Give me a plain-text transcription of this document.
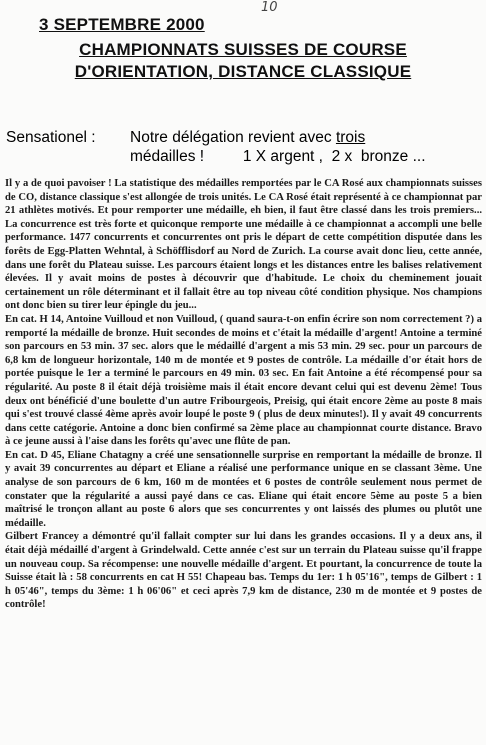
10
3 SEPTEMBRE 2000
CHAMPIONNATS SUISSES DE COURSE
D'ORIENTATION, DISTANCE CLASSIQUE
Sensationel :	Notre délégation revient avec trois
médailles !         1 X argent ,  2 x  bronze ...

Il y a de quoi pavoiser ! La statistique des médailles remportées par le CA Rosé aux championnats suisses de CO, distance classique s'est allongée de trois unités. Le CA Rosé était représenté à ce championnat par 21 athlètes motivés. Et pour remporter une médaille, eh bien, il faut être classé dans les trois premiers... La concurrence est très forte et quiconque remporte une médaille à ce championnat a accompli une belle performance. 1477 concurrents et concurrentes ont pris le départ de cette compétition disputée dans les forêts de Egg-Platten Wehntal, à Schöfflisdorf au Nord de Zurich. La course avait donc lieu, cette année, dans une forêt du Plateau suisse. Les parcours étaient longs et les distances entre les balises relativement élevées. Il y avait moins de postes à découvrir que d'habitude. Le choix du cheminement jouait certainement un rôle déterminant et il fallait être au top niveau côté condition physique. Nos champions ont donc bien su tirer leur épingle du jeu...

En cat. H 14, Antoine Vuilloud et non Vuilloud, ( quand saura-t-on enfin écrire son nom correctement ?) a remporté la médaille de bronze. Huit secondes de moins et c'était la médaille d'argent! Antoine a terminé son parcours en 53 min. 37 sec. alors que le médaillé d'argent a mis 53 min. 29 sec. pour un parcours de 6,8 km de longueur horizontale, 140 m de montée et 9 postes de contrôle. La médaille d'or était hors de portée puisque le 1er a terminé le parcours en 49 min. 03 sec. En fait Antoine a été récompensé pour sa régularité. Au poste 8 il était déjà troisième mais il était encore devant celui qui est devenu 2ème! Tous deux ont bénéficié d'une boulette d'un autre Fribourgeois, Preisig, qui était encore 2ème au poste 8 mais qui s'est trouvé classé 4ème après avoir loupé le poste 9 ( plus de deux minutes!). Il y avait 49 concurrents dans cette catégorie. Antoine a donc bien confirmé sa 2ème place au championnat courte distance. Bravo à ce jeune aussi à l'aise dans les forêts qu'avec une flûte de pan.

En cat. D 45, Eliane Chatagny a créé une sensationnelle surprise en remportant la médaille de bronze. Il y avait 39 concurrentes au départ et Eliane a réalisé une performance unique en se classant 3ème. Une analyse de son parcours de 6 km, 160 m de montées et 6 postes de contrôle seulement nous permet de constater que la régularité a aussi payé dans ce cas. Eliane qui était encore 5ème au poste 5 a bien maîtrisé le tronçon allant au poste 6 alors que ses concurrentes y ont laissés des plumes ou plutôt une médaille.

Gilbert Francey a démontré qu'il fallait compter sur lui dans les grandes occasions. Il y a deux ans, il était déjà médaillé d'argent à Grindelwald. Cette année c'est sur un terrain du Plateau suisse qu'il frappe un nouveau coup. Sa récompense: une nouvelle médaille d'argent. Et pourtant, la concurrence de toute la Suisse était là : 58 concurrents en cat H 55! Chapeau bas. Temps du 1er: 1 h 05'16", temps de Gilbert : 1 h 05'46", temps du 3ème: 1 h 06'06" et ceci après 7,9 km de distance, 230 m de montée et 9 postes de contrôle!
